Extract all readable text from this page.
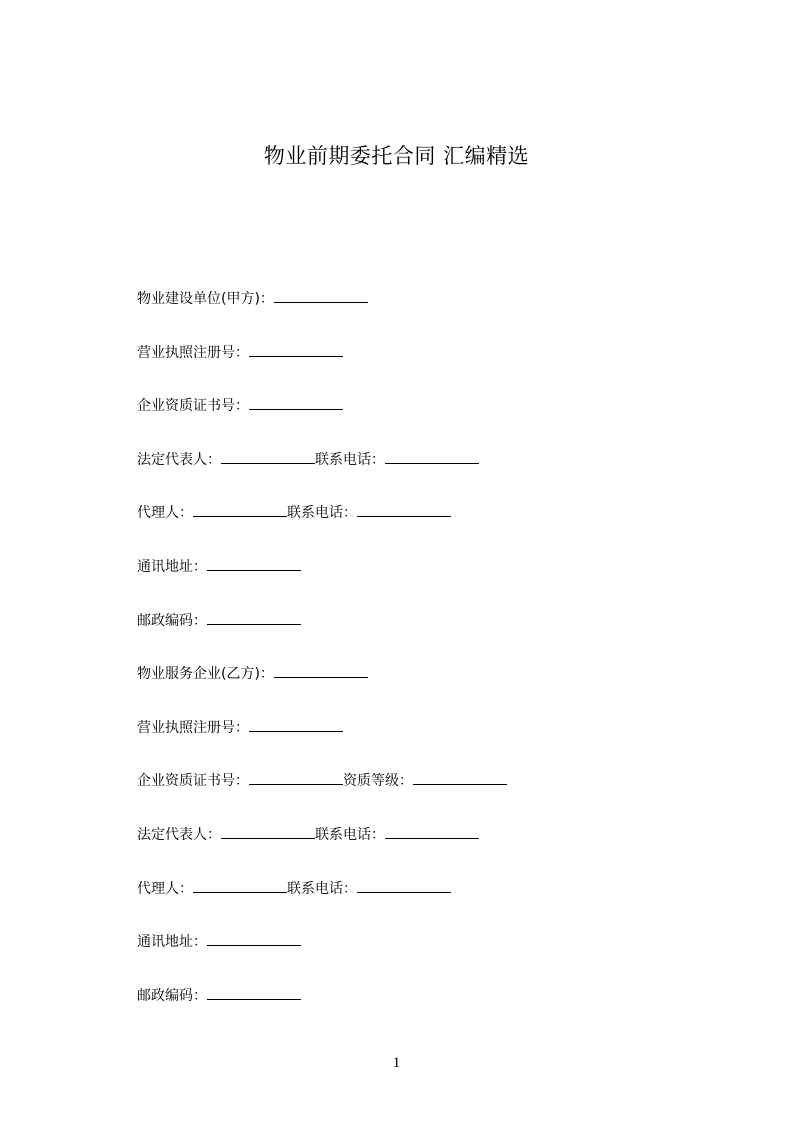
物业前期委托合同 汇编精选
物业建设单位(甲方)：
营业执照注册号：
企业资质证书号：
法定代表人：	联系电话：
代理人：	联系电话：
通讯地址：
邮政编码：
物业服务企业(乙方)：
营业执照注册号：
企业资质证书号：	资质等级：
法定代表人：	联系电话：
代理人：	联系电话：
通讯地址：
邮政编码：
1
